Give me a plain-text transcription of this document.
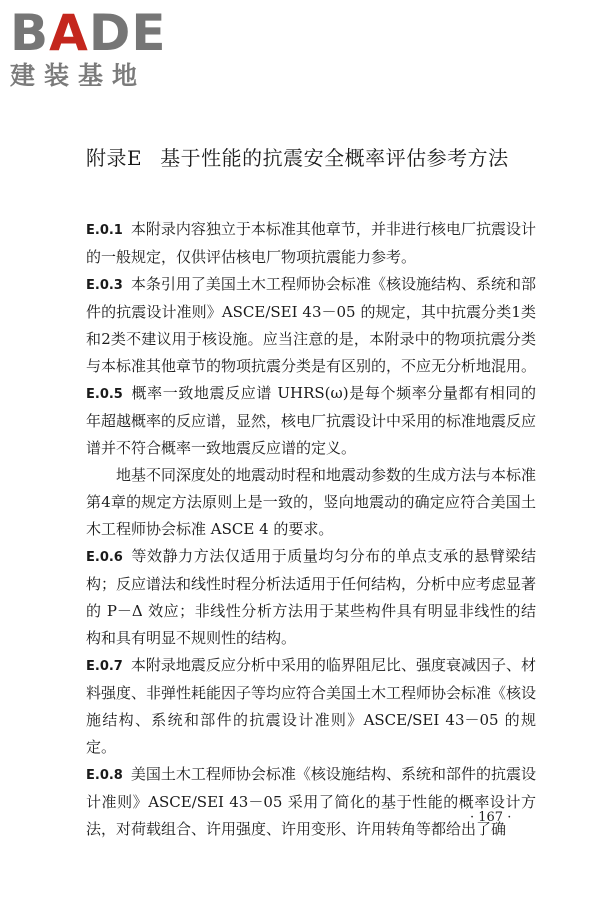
BADE
建装基地
附录E 基于性能的抗震安全概率评估参考方法

E.0.1 本附录内容独立于本标准其他章节，并非进行核电厂抗震设计的一般规定，仅供评估核电厂物项抗震能力参考。

E.0.3 本条引用了美国土木工程师协会标准《核设施结构、系统和部件的抗震设计准则》ASCE/SEI 43－05 的规定，其中抗震分类1类和2类不建议用于核设施。应当注意的是，本附录中的物项抗震分类与本标准其他章节的物项抗震分类是有区别的，不应无分析地混用。

E.0.5 概率一致地震反应谱 UHRS(ω)是每个频率分量都有相同的年超越概率的反应谱，显然，核电厂抗震设计中采用的标准地震反应谱并不符合概率一致地震反应谱的定义。

地基不同深度处的地震动时程和地震动参数的生成方法与本标准第4章的规定方法原则上是一致的，竖向地震动的确定应符合美国土木工程师协会标准 ASCE 4 的要求。

E.0.6 等效静力方法仅适用于质量均匀分布的单点支承的悬臂梁结构；反应谱法和线性时程分析法适用于任何结构，分析中应考虑显著的 P－Δ 效应；非线性分析方法用于某些构件具有明显非线性的结构和具有明显不规则性的结构。

E.0.7 本附录地震反应分析中采用的临界阻尼比、强度衰减因子、材料强度、非弹性耗能因子等均应符合美国土木工程师协会标准《核设施结构、系统和部件的抗震设计准则》ASCE/SEI 43－05 的规定。

E.0.8 美国土木工程师协会标准《核设施结构、系统和部件的抗震设计准则》ASCE/SEI 43－05 采用了简化的基于性能的概率设计方法，对荷载组合、许用强度、许用变形、许用转角等都给出了确

· 167 ·
